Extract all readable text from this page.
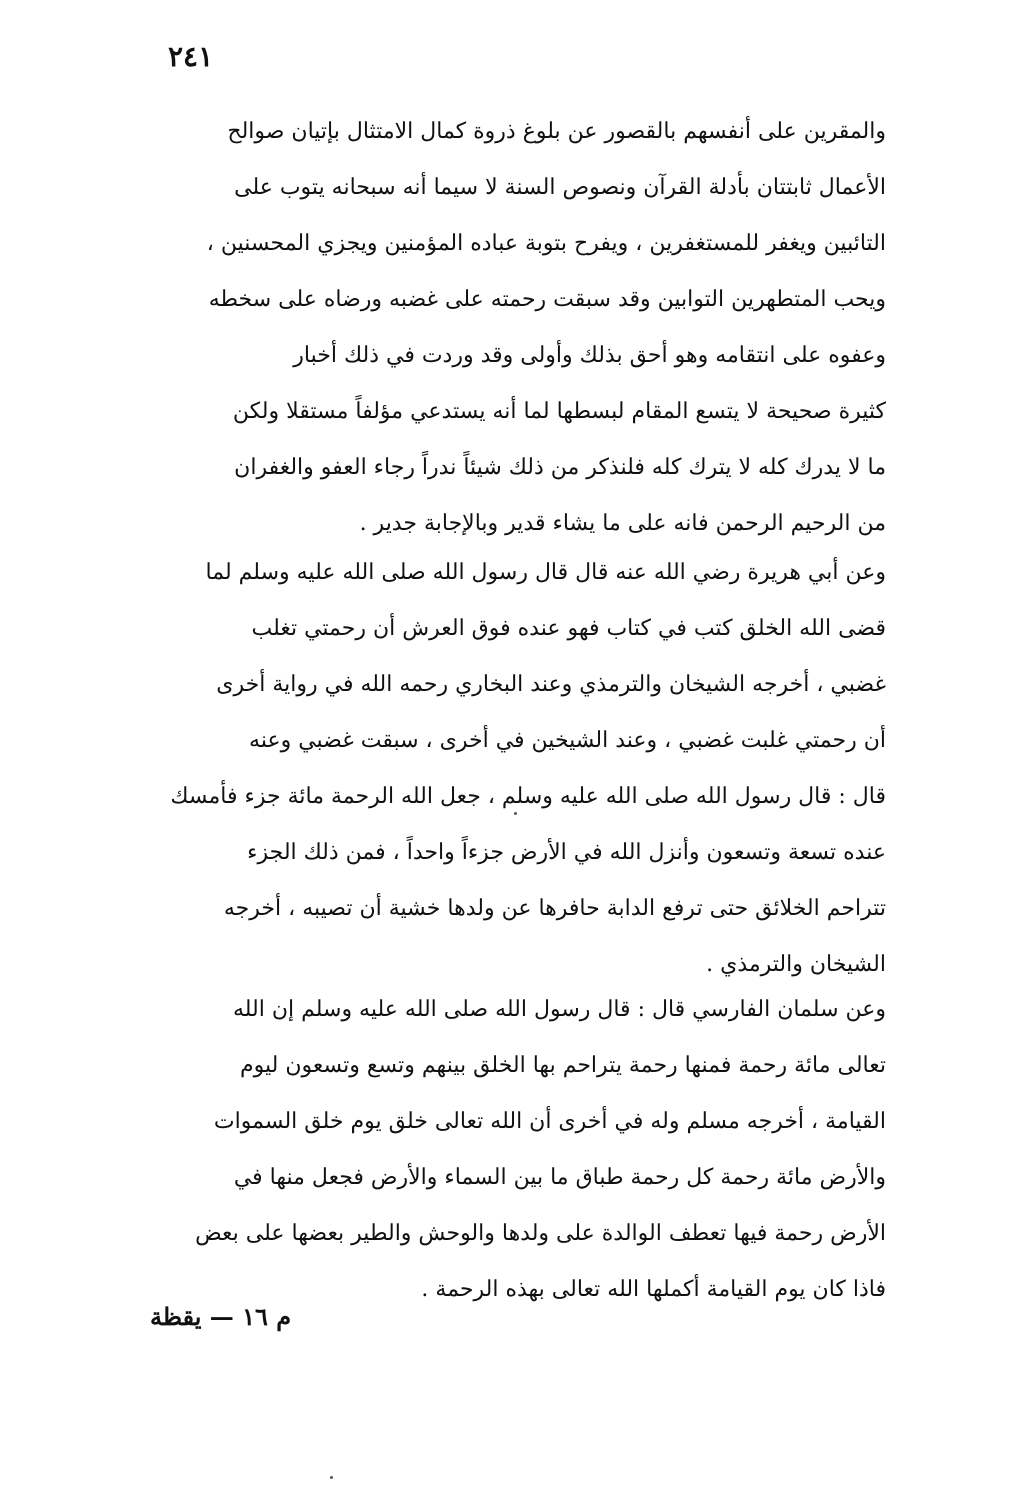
٢٤١
والمقرين على أنفسهم بالقصور عن بلوغ ذروة كمال الامتثال بإتيان صوالح
الأعمال ثابتتان بأدلة القرآن ونصوص السنة لا سيما أنه سبحانه يتوب على
التائبين ويغفر للمستغفرين ، ويفرح بتوبة عباده المؤمنين ويجزي المحسنين ،
ويحب المتطهرين التوابين وقد سبقت رحمته على غضبه ورضاه على سخطه
وعفوه على انتقامه وهو أحق بذلك وأولى وقد وردت في ذلك أخبار
كثيرة صحيحة لا يتسع المقام لبسطها لما أنه يستدعي مؤلفاً مستقلا ولكن
ما لا يدرك كله لا يترك كله فلنذكر من ذلك شيئاً ندراً رجاء العفو والغفران
من الرحيم الرحمن فانه على ما يشاء قدير وبالإجابة جدير .
وعن أبي هريرة رضي الله عنه قال قال رسول الله صلى الله عليه وسلم لما
قضى الله الخلق كتب في كتاب فهو عنده فوق العرش أن رحمتي تغلب
غضبي ، أخرجه الشيخان والترمذي وعند البخاري رحمه الله في رواية أخرى
أن رحمتي غلبت غضبي ، وعند الشيخين في أخرى ، سبقت غضبي وعنه
قال : قال رسول الله صلى الله عليه وسلم ، جعل الله الرحمة مائة جزء فأمسك
عنده تسعة وتسعون وأنزل الله في الأرض جزءاً واحداً ، فمن ذلك الجزء
تتراحم الخلائق حتى ترفع الدابة حافرها عن ولدها خشية أن تصيبه ، أخرجه
الشيخان والترمذي .
وعن سلمان الفارسي قال : قال رسول الله صلى الله عليه وسلم إن الله
تعالى مائة رحمة فمنها رحمة يتراحم بها الخلق بينهم وتسع وتسعون ليوم
القيامة ، أخرجه مسلم وله في أخرى أن الله تعالى خلق يوم خلق السموات
والأرض مائة رحمة كل رحمة طباق ما بين السماء والأرض فجعل منها في
الأرض رحمة فيها تعطف الوالدة على ولدها والوحش والطير بعضها على بعض
فاذا كان يوم القيامة أكملها الله تعالى بهذه الرحمة .
م ١٦ — يقظة
